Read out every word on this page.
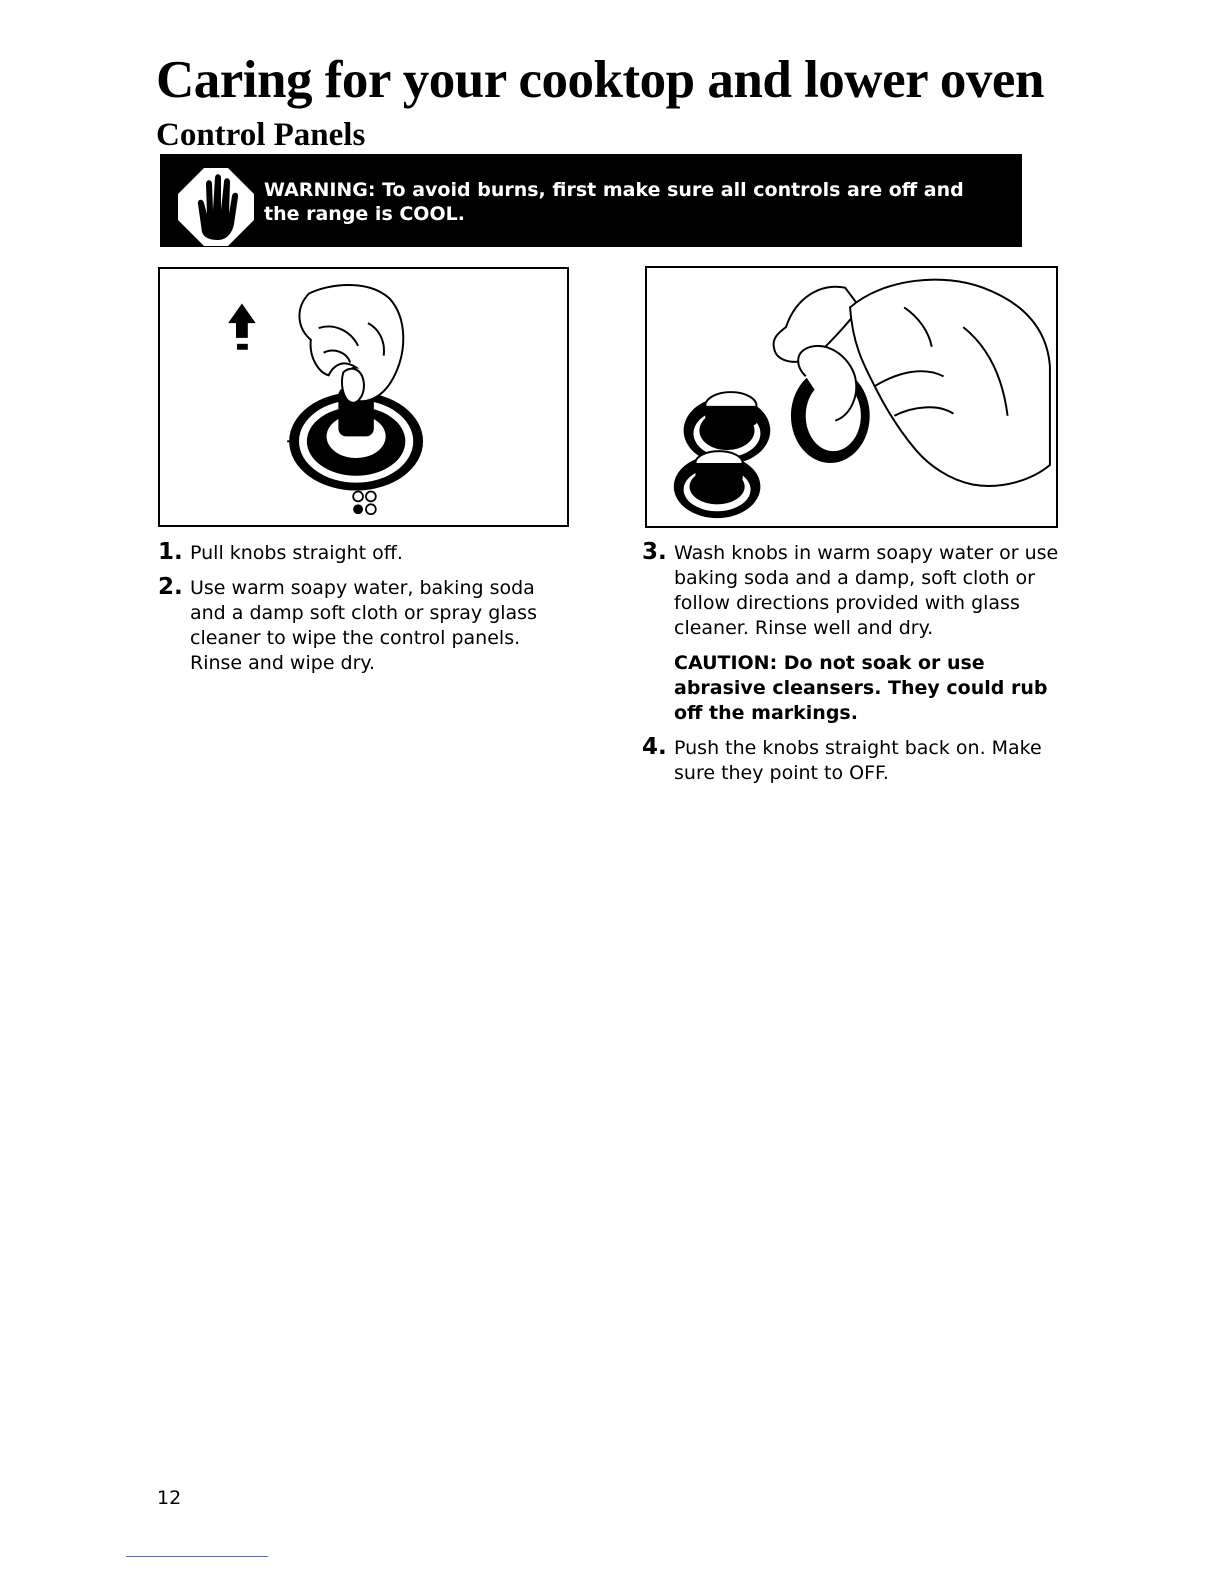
Caring for your cooktop and lower oven
Control Panels
WARNING: To avoid burns, first make sure all controls are off and the range is COOL.
1. Pull knobs straight off.
2. Use warm soapy water, baking soda and a damp soft cloth or spray glass cleaner to wipe the control panels. Rinse and wipe dry.
3. Wash knobs in warm soapy water or use baking soda and a damp, soft cloth or follow directions provided with glass cleaner. Rinse well and dry.
CAUTION: Do not soak or use abrasive cleansers. They could rub off the markings.
4. Push the knobs straight back on. Make sure they point to OFF.
12
